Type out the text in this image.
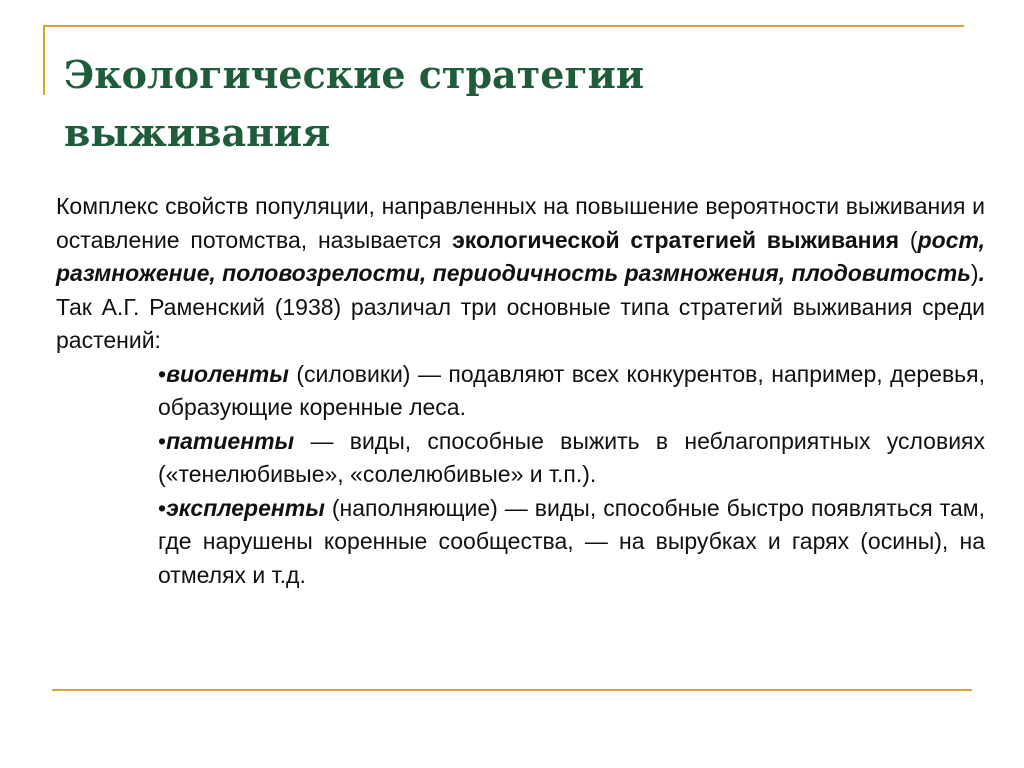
Экологические стратегии
выживания

Комплекс свойств популяции, направленных на повышение вероятности выживания и оставление потомства, называется экологической стратегией выживания (рост, размножение, половозрелости, периодичность размножения, плодовитость).

Так А.Г. Раменский (1938) различал три основные типа стратегий выживания среди растений:

•виоленты (силовики) — подавляют всех конкурентов, например, деревья, образующие коренные леса.
•патиенты — виды, способные выжить в неблагоприятных условиях («тенелюбивые», «солелюбивые» и т.п.).
•эксплеренты (наполняющие) — виды, способные быстро появляться там, где нарушены коренные сообщества, — на вырубках и гарях (осины), на отмелях и т.д.
